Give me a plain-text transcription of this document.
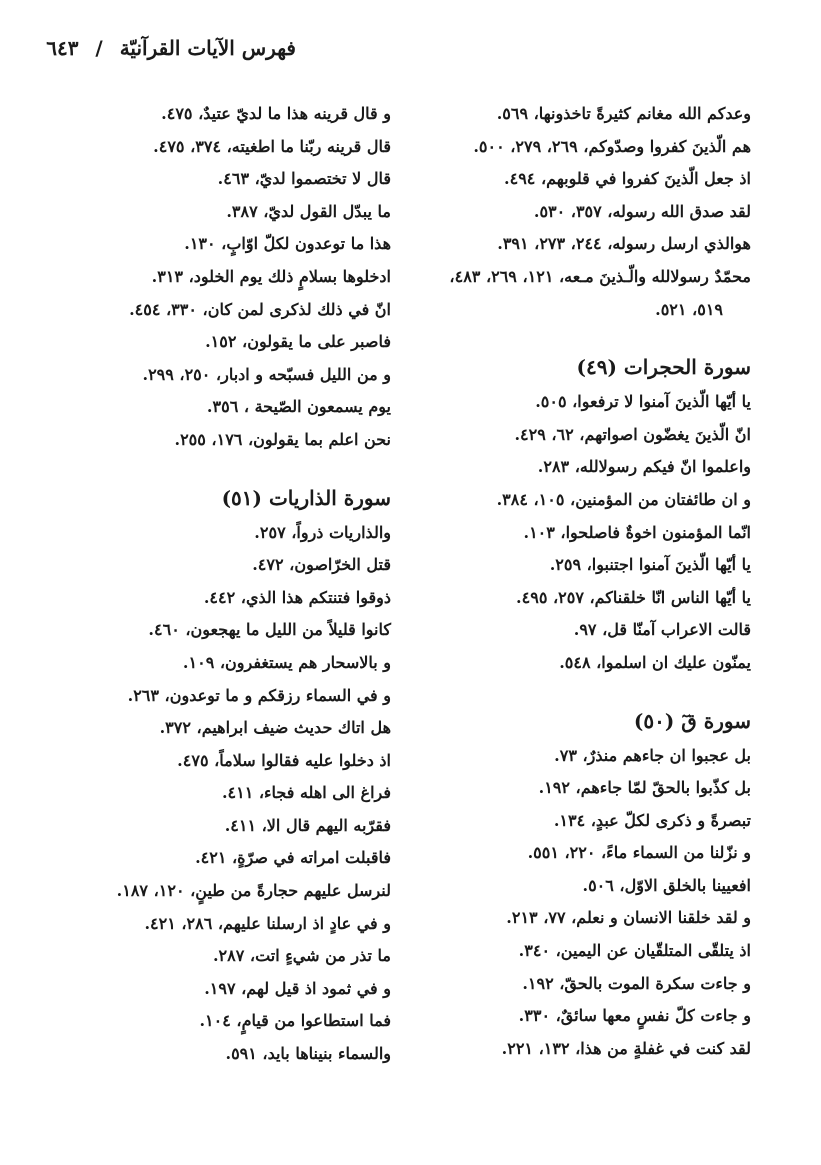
فهرس الآيات القرآنيّة / ٦٤٣
وعدكم الله مغانم كثيرةً تاخذونها، ٥٦٩.
هم الّذينَ كفروا وصدّوكم، ٢٦٩، ٢٧٩، ٥٠٠.
اذ جعل الّذينَ كفروا في قلوبهم، ٤٩٤.
لقد صدق الله رسوله، ٣٥٧، ٥٣٠.
هوالذي ارسل رسوله، ٢٤٤، ٢٧٣، ٣٩١.
محمّدٌ رسولالله والّـذينَ مـعه، ١٢١، ٢٦٩، ٤٨٣،
٥١٩، ٥٢١.
سورة الحجرات (٤٩)
يا أيّها الّذينَ آمنوا لا ترفعوا، ٥٠٥.
انّ الّذينَ يغضّون اصواتهم، ٦٢، ٤٢٩.
واعلموا انّ فيكم رسولالله، ٢٨٣.
و ان طائفتان من المؤمنين، ١٠٥، ٣٨٤.
انّما المؤمنون اخوةٌ فاصلحوا، ١٠٣.
يا أيّها الّذينَ آمنوا اجتنبوا، ٢٥٩.
يا أيّها الناس انّا خلقناكم، ٢٥٧، ٤٩٥.
قالت الاعراب آمنّا قل، ٩٧.
يمنّون عليك ان اسلموا، ٥٤٨.
سورة قٓ (٥٠)
بل عجبوا ان جاءهم منذرٌ، ٧٣.
بل كذّبوا بالحقّ لمّا جاءهم، ١٩٢.
تبصرةً و ذكرى لكلّ عبدٍ، ١٣٤.
و نزّلنا من السماء ماءً، ٢٢٠، ٥٥١.
افعيينا بالخلق الاوّل، ٥٠٦.
و لقد خلقنا الانسان و نعلم، ٧٧، ٢١٣.
اذ يتلقّى المتلقّيان عن اليمين، ٣٤٠.
و جاءت سكرة الموت بالحقّ، ١٩٢.
و جاءت كلّ نفسٍ معها سائقٌ، ٣٣٠.
لقد كنت في غفلةٍ من هذا، ١٣٢، ٢٢١.
و قال قرينه هذا ما لديّ عتيدٌ، ٤٧٥.
قال قرينه ربّنا ما اطغيته، ٣٧٤، ٤٧٥.
قال لا تختصموا لديّ، ٤٦٣.
ما يبدّل القول لديّ، ٣٨٧.
هذا ما توعدون لكلّ اوّابٍ، ١٣٠.
ادخلوها بسلامٍ ذلك يوم الخلود، ٣١٣.
انّ في ذلك لذكرى لمن كان، ٣٣٠، ٤٥٤.
فاصبر على ما يقولون، ١٥٢.
و من الليل فسبّحه و ادبار، ٢٥٠، ٢٩٩.
يوم يسمعون الصّيحة ، ٣٥٦.
نحن اعلم بما يقولون، ١٧٦، ٢٥٥.
سورة الذاريات (٥١)
والذاريات ذرواً، ٢٥٧.
قتل الخرّاصون، ٤٧٢.
ذوقوا فتنتكم هذا الذي، ٤٤٢.
كانوا قليلاً من الليل ما يهجعون، ٤٦٠.
و بالاسحار هم يستغفرون، ١٠٩.
و في السماء رزقكم و ما توعدون، ٢٦٣.
هل اتاك حديث ضيف ابراهيم، ٣٧٢.
اذ دخلوا عليه فقالوا سلاماً، ٤٧٥.
فراغ الى اهله فجاء، ٤١١.
فقرّبه اليهم قال الا، ٤١١.
فاقبلت امراته في صرّةٍ، ٤٢١.
لنرسل عليهم حجارةً من طينٍ، ١٢٠، ١٨٧.
و في عادٍ اذ ارسلنا عليهم، ٢٨٦، ٤٢١.
ما تذر من شيءٍ اتت، ٢٨٧.
و في ثمود اذ قيل لهم، ١٩٧.
فما استطاعوا من قيامٍ، ١٠٤.
والسماء بنيناها بايد، ٥٩١.
